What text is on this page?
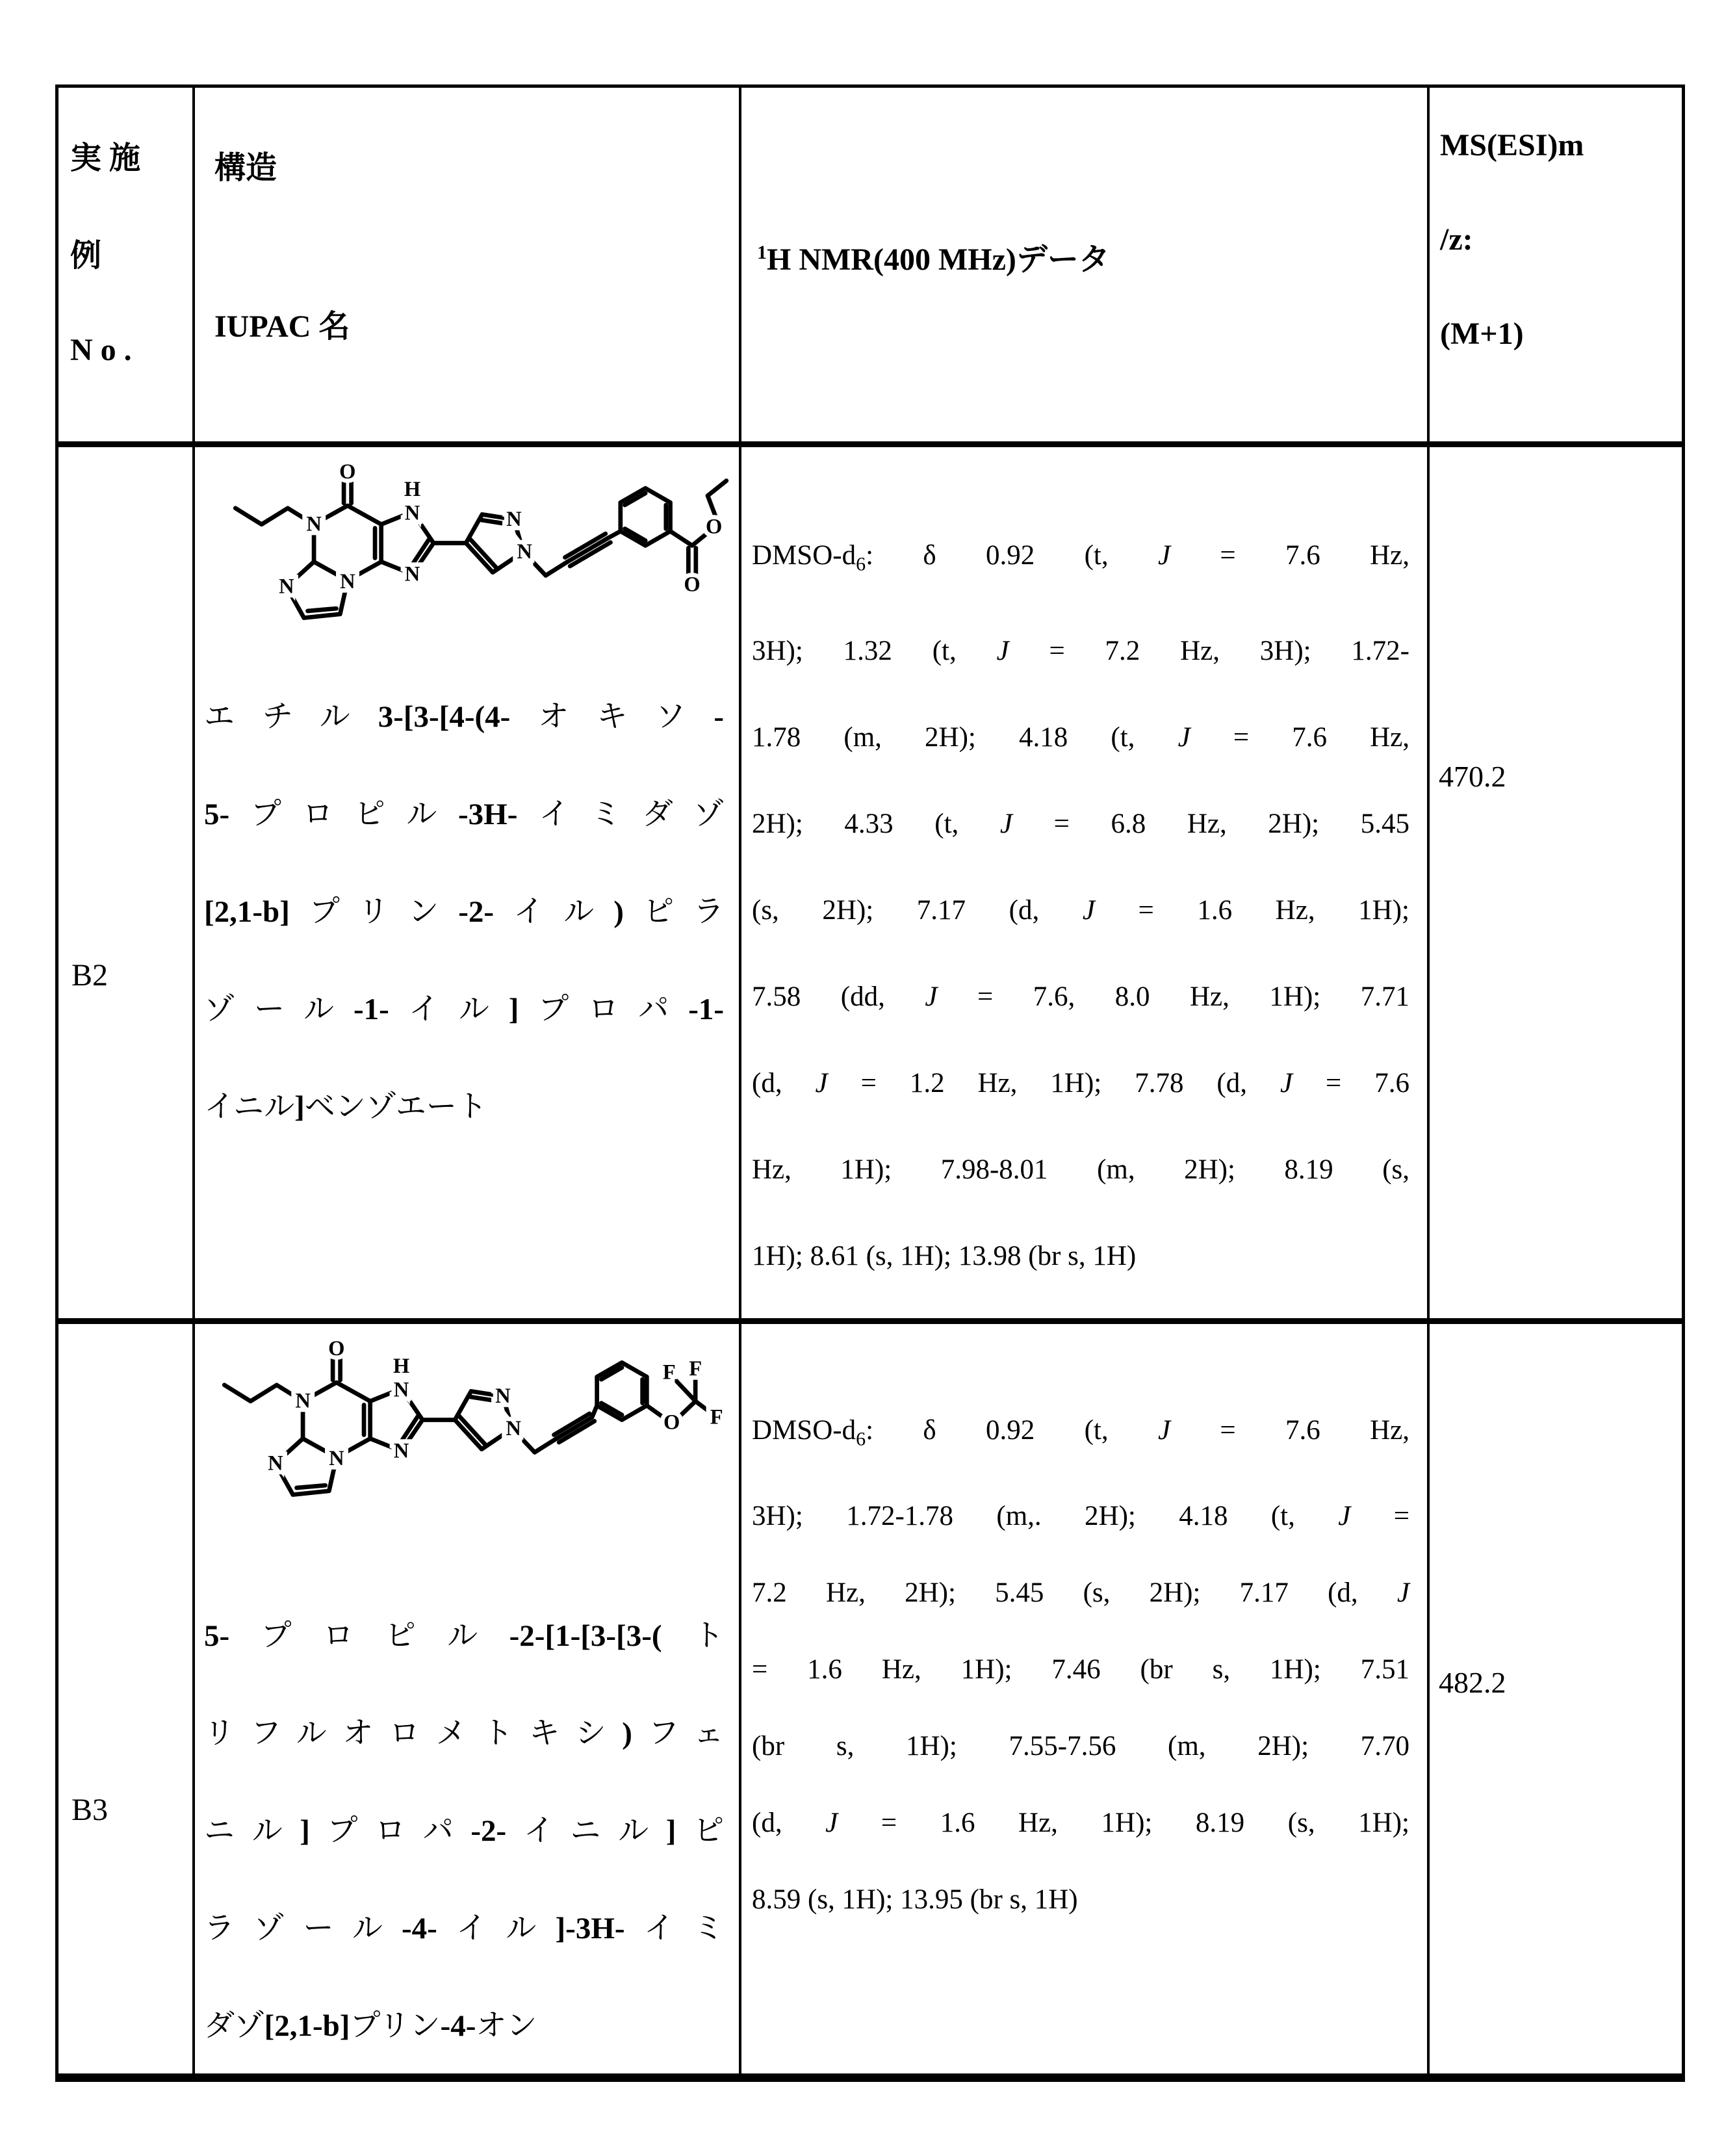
実施
例
No.
構造
IUPAC 名
$^1$H NMR(400 MHz)データ
MS(ESI)m
/z:
(M+1)
B2
O
N
N
N
H
N
N
N
N
O
O
エチル3-[3-[4-(4-オキソ-
5-プロピル-3H-イミダゾ
[2,1-b]プリン-2-イル)ピラ
ゾール-1-イル]プロパ-1-
イニル]ベンゾエート
DMSO-$d_6$: δ 0.92 (t, J = 7.6 Hz,
3H); 1.32 (t, J = 7.2 Hz, 3H); 1.72-
1.78 (m, 2H); 4.18 (t, J = 7.6 Hz,
2H); 4.33 (t, J = 6.8 Hz, 2H); 5.45
(s, 2H); 7.17 (d, J = 1.6 Hz, 1H);
7.58 (dd, J = 7.6, 8.0 Hz, 1H); 7.71
(d, J = 1.2 Hz, 1H); 7.78 (d, J = 7.6
Hz, 1H); 7.98-8.01 (m, 2H); 8.19 (s,
1H); 8.61 (s, 1H); 13.98 (br s, 1H)
470.2
B3
O
N
N
N
H
N
N
N
N	O
F F
F
5-プロピル-2-[1-[3-[3-(ト
リフルオロメトキシ)フェ
ニル]プロパ-2-イニル]ピ
ラゾール-4-イル]-3H-イミ
ダゾ[2,1-b]プリン-4-オン
DMSO-$d_6$: δ 0.92 (t, J = 7.6 Hz,
3H); 1.72-1.78 (m,. 2H); 4.18 (t, J =
7.2 Hz, 2H); 5.45 (s, 2H); 7.17 (d, J
= 1.6 Hz, 1H); 7.46 (br s, 1H); 7.51
(br s, 1H); 7.55-7.56 (m, 2H); 7.70
(d, J = 1.6 Hz, 1H); 8.19 (s, 1H);
8.59 (s, 1H); 13.95 (br s, 1H)
482.2
